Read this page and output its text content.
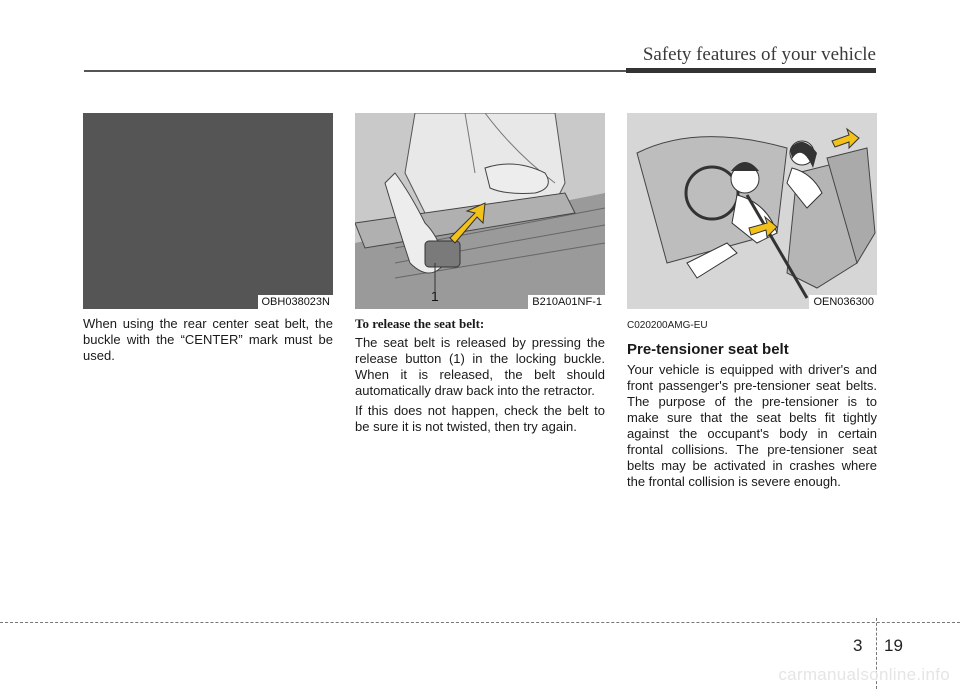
Safety features of your vehicle
OBH038023N	1	B210A01NF-1	OEN036300

When using the rear center seat belt, the buckle with the “CENTER” mark must be used.

To release the seat belt:

The seat belt is released by pressing the release button (1) in the locking buckle. When it is released, the belt should automatically draw back into the retractor.

If this does not happen, check the belt to be sure it is not twisted, then try again.

C020200AMG-EU
Pre-tensioner seat belt

Your vehicle is equipped with driver's and front passenger's pre-tensioner seat belts. The purpose of the pre-tensioner is to make sure that the seat belts fit tightly against the occupant's body in certain frontal collisions. The pre-tensioner seat belts may be activated in crashes where the frontal collision is severe enough.

3 19
carmanualsonline.info
